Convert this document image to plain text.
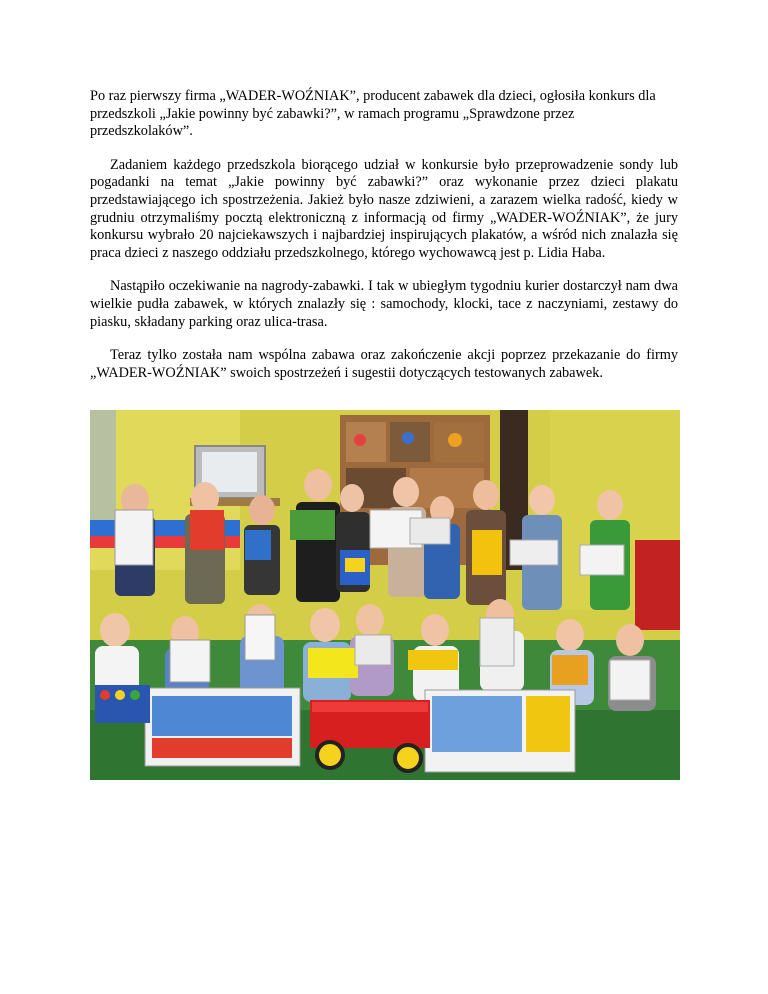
Po raz pierwszy firma „WADER-WOŹNIAK”, producent zabawek dla dzieci, ogłosiła konkurs dla przedszkoli „Jakie powinny być zabawki?”, w ramach programu „Sprawdzone przez przedszkolaków”.

Zadaniem każdego przedszkola biorącego udział w konkursie było przeprowadzenie sondy lub pogadanki na temat „Jakie powinny być zabawki?” oraz wykonanie przez dzieci plakatu przedstawiającego ich spostrzeżenia. Jakież było nasze zdziwieni, a zarazem wielka radość, kiedy w grudniu otrzymaliśmy pocztą elektroniczną z informacją od firmy „WADER-WOŹNIAK”, że jury konkursu wybrało 20 najciekawszych i najbardziej inspirujących plakatów, a wśród nich znalazła się praca dzieci z naszego oddziału przedszkolnego, którego wychowawcą jest p. Lidia Haba.

Nastąpiło oczekiwanie na nagrody-zabawki. I tak w ubiegłym tygodniu kurier dostarczył nam dwa wielkie pudła zabawek, w których znalazły się : samochody, klocki, tace z naczyniami, zestawy do piasku, składany parking oraz ulica-trasa.

Teraz tylko została nam wspólna zabawa oraz zakończenie akcji poprzez przekazanie do firmy „WADER-WOŹNIAK” swoich spostrzeżeń i sugestii dotyczących testowanych zabawek.
